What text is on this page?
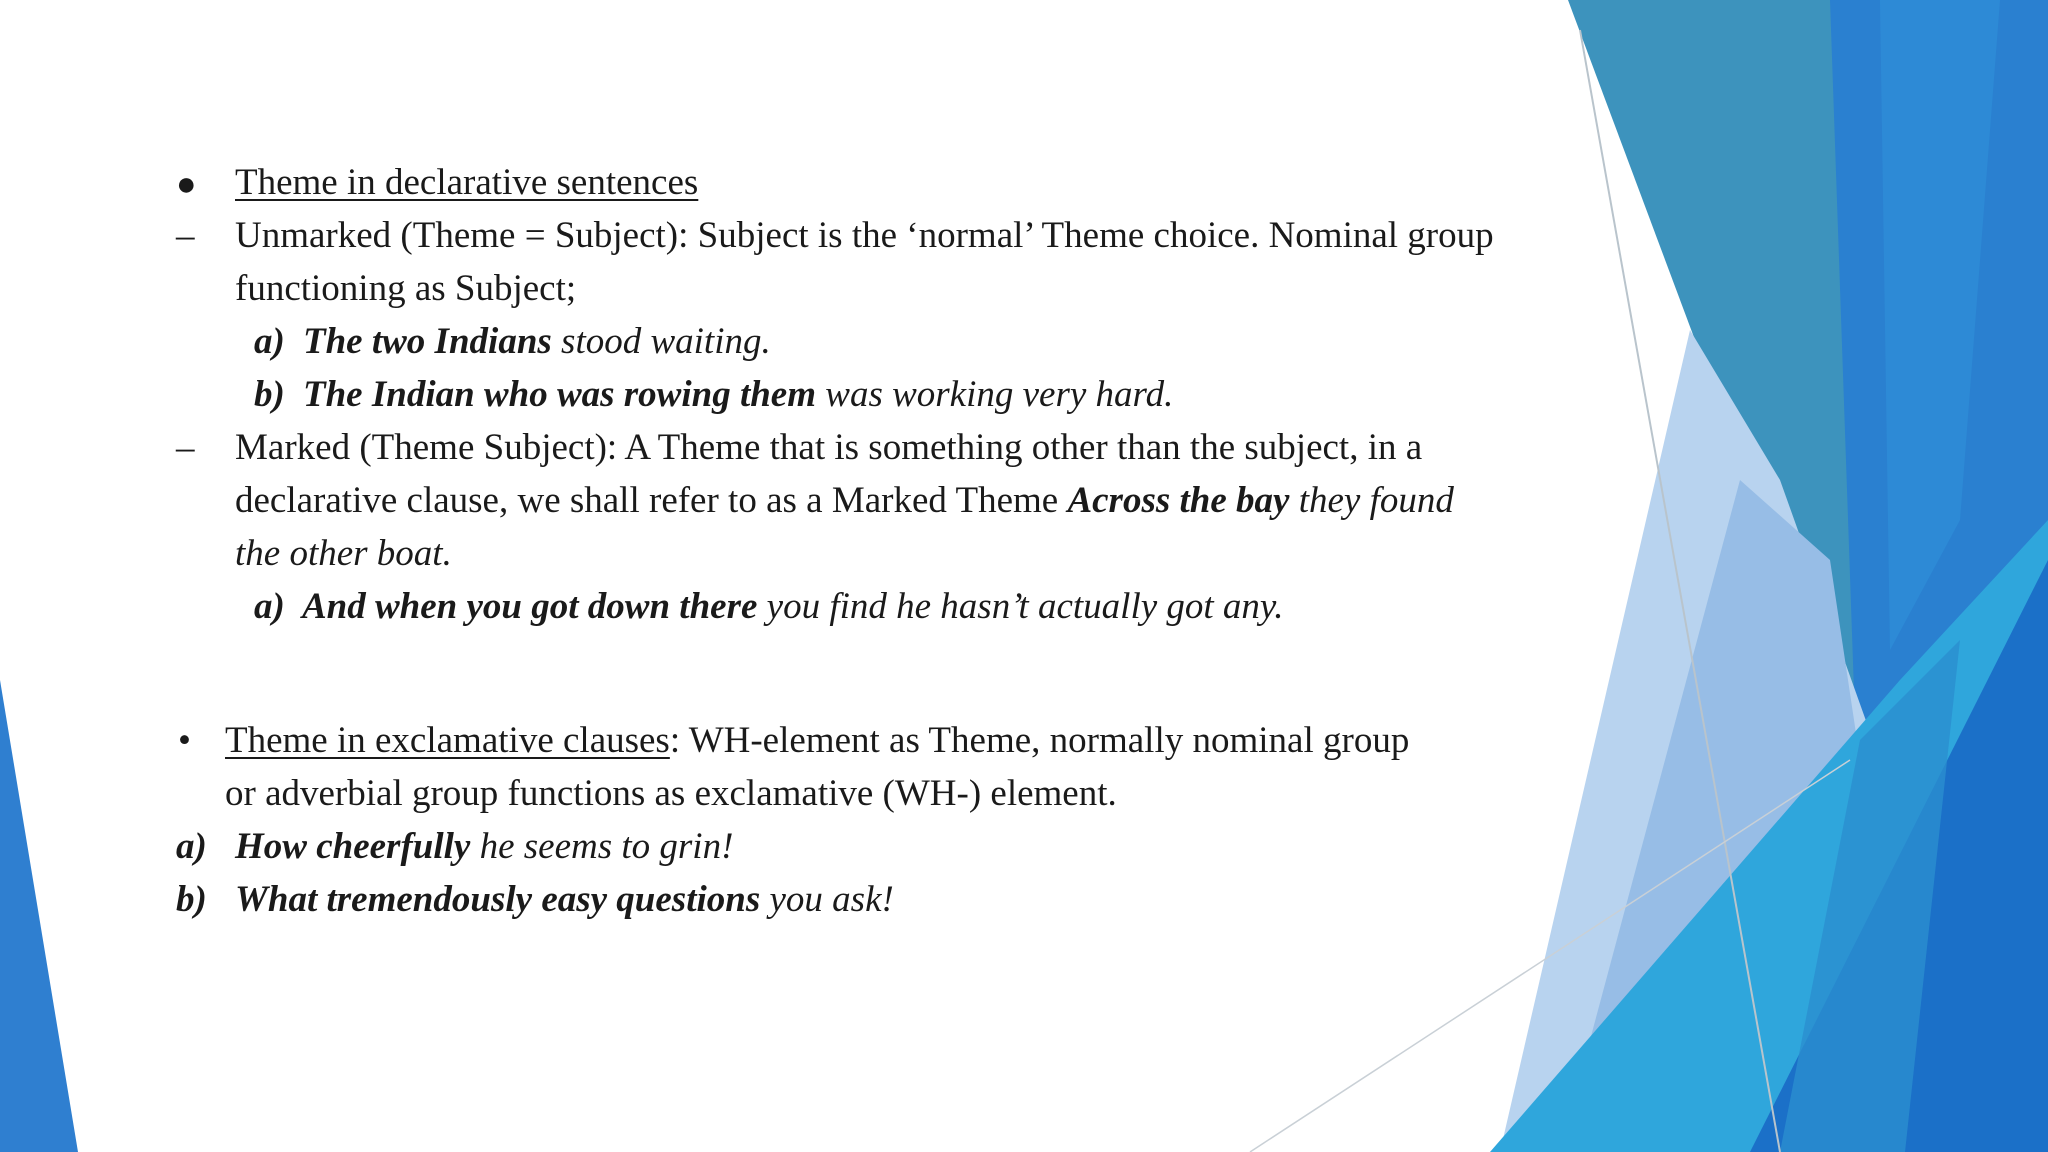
● Theme in declarative sentences
– Unmarked (Theme = Subject): Subject is the ‘normal’ Theme choice. Nominal group
functioning as Subject;
a) The two Indians stood waiting.
b) The Indian who was rowing them was working very hard.
– Marked (Theme Subject): A Theme that is something other than the subject, in a
declarative clause, we shall refer to as a Marked Theme Across the bay they found
the other boat.
a) And when you got down there you find he hasn’t actually got any.
• Theme in exclamative clauses: WH-element as Theme, normally nominal group
or adverbial group functions as exclamative (WH-) element.
a) How cheerfully he seems to grin!
b) What tremendously easy questions you ask!
